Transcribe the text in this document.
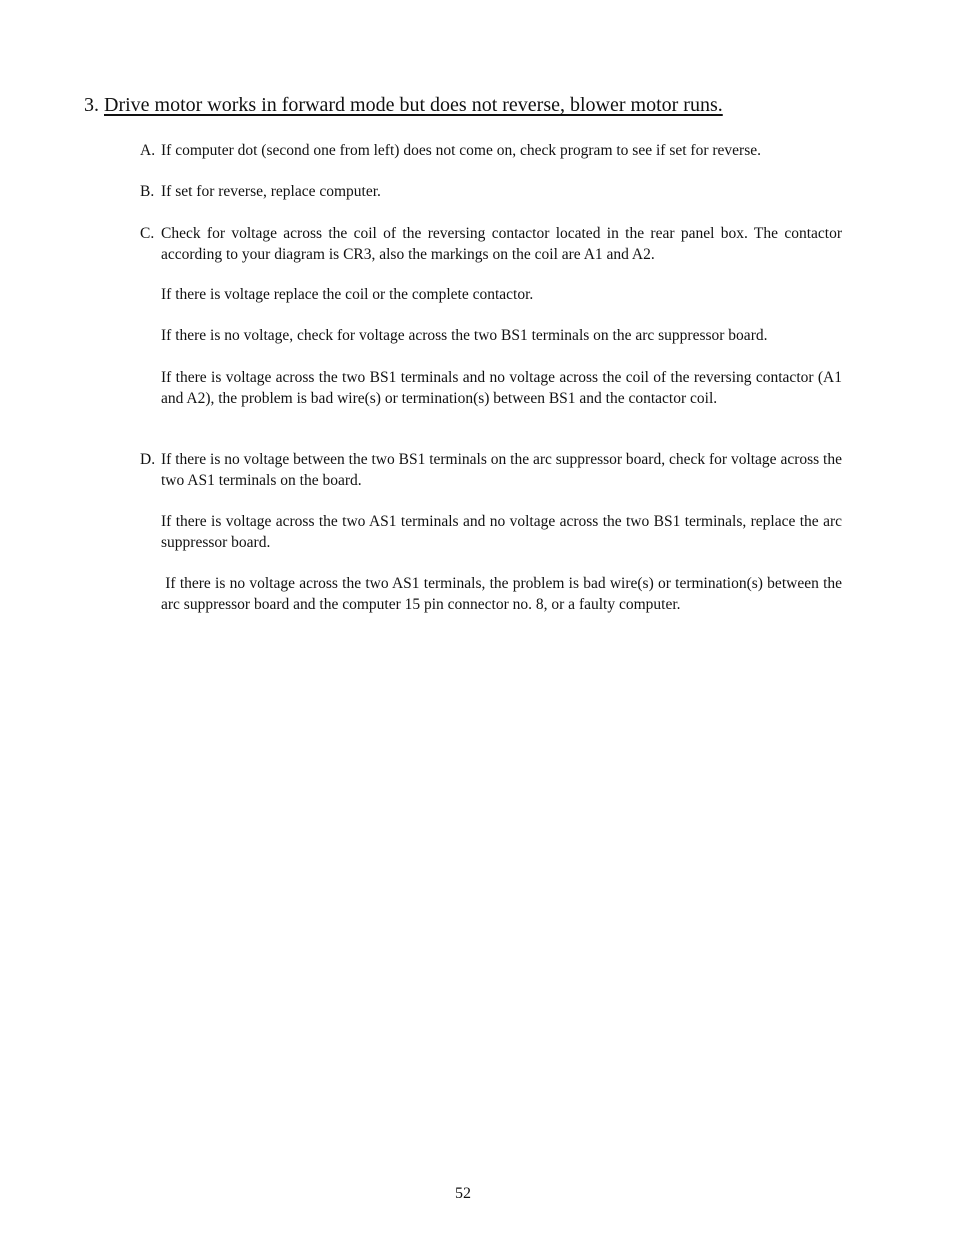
3. Drive motor works in forward mode but does not reverse, blower motor runs.
A. If computer dot (second one from left) does not come on, check program to see if set for reverse.
B. If set for reverse, replace computer.
C. Check for voltage across the coil of the reversing contactor located in the rear panel box. The contactor according to your diagram is CR3, also the markings on the coil are A1 and A2.
If there is voltage replace the coil or the complete contactor.
If there is no voltage, check for voltage across the two BS1 terminals on the arc suppressor board.
If there is voltage across the two BS1 terminals and no voltage across the coil of the reversing contactor (A1 and A2), the problem is bad wire(s) or termination(s) between BS1 and the contactor coil.
D. If there is no voltage between the two BS1 terminals on the arc suppressor board, check for voltage across the two AS1 terminals on the board.
If there is voltage across the two AS1 terminals and no voltage across the two BS1 terminals, replace the arc suppressor board.
If there is no voltage across the two AS1 terminals, the problem is bad wire(s) or termination(s) between the arc suppressor board and the computer 15 pin connector no. 8, or a faulty computer.
52
